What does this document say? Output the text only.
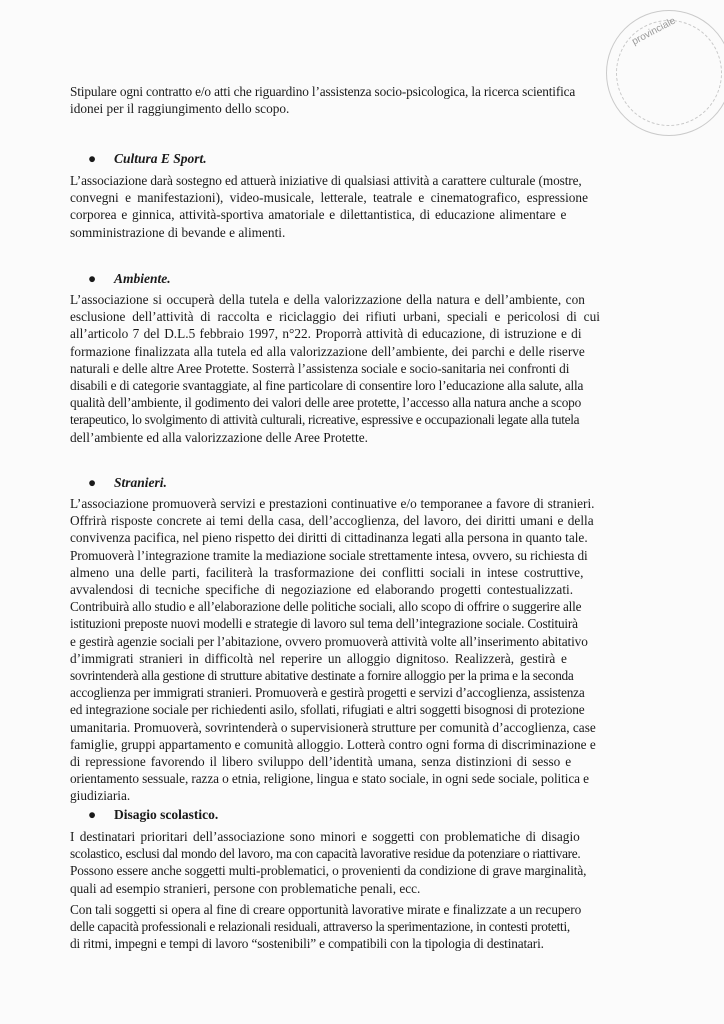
provinciale
Stipulare ogni contratto e/o atti che riguardino l’assistenza socio-psicologica, la ricerca scientifica
idonei per il raggiungimento dello scopo.
● Cultura E Sport.
L’associazione darà sostegno ed attuerà iniziative di qualsiasi attività a carattere culturale (mostre,
convegni e manifestazioni), video-musicale, letterale, teatrale e cinematografico, espressione
corporea e ginnica, attività-sportiva amatoriale e dilettantistica, di educazione alimentare e
somministrazione di bevande e alimenti.
● Ambiente.
L’associazione si occuperà della tutela e della valorizzazione della natura e dell’ambiente, con
esclusione dell’attività di raccolta e riciclaggio dei rifiuti urbani, speciali e pericolosi di cui
all’articolo 7 del D.L.5 febbraio 1997, n°22. Proporrà attività di educazione, di istruzione e di
formazione finalizzata alla tutela ed alla valorizzazione dell’ambiente, dei parchi e delle riserve
naturali e delle altre Aree Protette. Sosterrà l’assistenza sociale e socio-sanitaria nei confronti di
disabili e di categorie svantaggiate, al fine particolare di consentire loro l’educazione alla salute, alla
qualità dell’ambiente, il godimento dei valori delle aree protette, l’accesso alla natura anche a scopo
terapeutico, lo svolgimento di attività culturali, ricreative, espressive e occupazionali legate alla tutela
dell’ambiente ed alla valorizzazione delle Aree Protette.
● Stranieri.
L’associazione promuoverà servizi e prestazioni continuative e/o temporanee a favore di stranieri.
Offrirà risposte concrete ai temi della casa, dell’accoglienza, del lavoro, dei diritti umani e della
convivenza pacifica, nel pieno rispetto dei diritti di cittadinanza legati alla persona in quanto tale.
Promuoverà l’integrazione tramite la mediazione sociale strettamente intesa, ovvero, su richiesta di
almeno una delle parti, faciliterà la trasformazione dei conflitti sociali in intese costruttive,
avvalendosi di tecniche specifiche di negoziazione ed elaborando progetti contestualizzati.
Contribuirà allo studio e all’elaborazione delle politiche sociali, allo scopo di offrire o suggerire alle
istituzioni preposte nuovi modelli e strategie di lavoro sul tema dell’integrazione sociale. Costituirà
e gestirà agenzie sociali per l’abitazione, ovvero promuoverà attività volte all’inserimento abitativo
d’immigrati stranieri in difficoltà nel reperire un alloggio dignitoso. Realizzerà, gestirà e
sovrintenderà alla gestione di strutture abitative destinate a fornire alloggio per la prima e la seconda
accoglienza per immigrati stranieri. Promuoverà e gestirà progetti e servizi d’accoglienza, assistenza
ed integrazione sociale per richiedenti asilo, sfollati, rifugiati e altri soggetti bisognosi di protezione
umanitaria. Promuoverà, sovrintenderà o supervisionerà strutture per comunità d’accoglienza, case
famiglie, gruppi appartamento e comunità alloggio. Lotterà contro ogni forma di discriminazione e
di repressione favorendo il libero sviluppo dell’identità umana, senza distinzioni di sesso e
orientamento sessuale, razza o etnia, religione, lingua e stato sociale, in ogni sede sociale, politica e
giudiziaria.
● Disagio scolastico.
I destinatari prioritari dell’associazione sono minori e soggetti con problematiche di disagio
scolastico, esclusi dal mondo del lavoro, ma con capacità lavorative residue da potenziare o riattivare.
Possono essere anche soggetti multi-problematici, o provenienti da condizione di grave marginalità,
quali ad esempio stranieri, persone con problematiche penali, ecc.
Con tali soggetti si opera al fine di creare opportunità lavorative mirate e finalizzate a un recupero
delle capacità professionali e relazionali residuali, attraverso la sperimentazione, in contesti protetti,
di ritmi, impegni e tempi di lavoro “sostenibili” e compatibili con la tipologia di destinatari.
